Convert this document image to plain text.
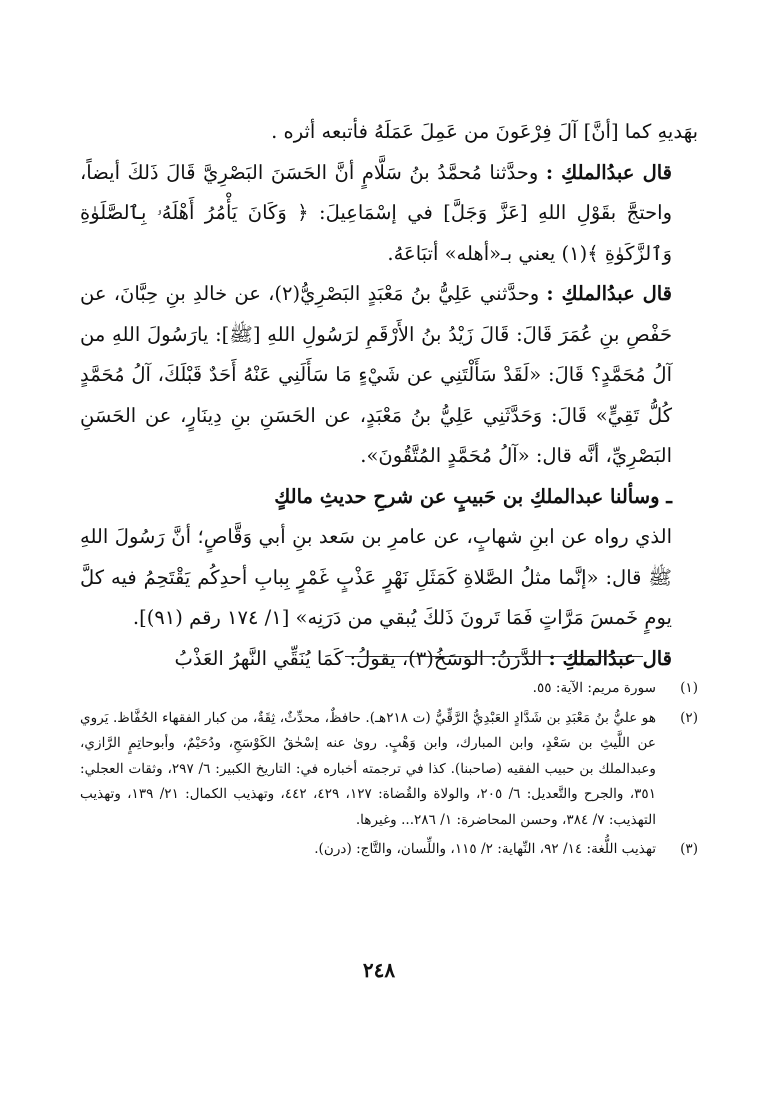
بهَديهِ كما [أنَّ] آلَ فِرْعَونَ من عَمِلَ عَمَلَهُ فأتبعه أثره .

قال عبدُالملكِ : وحدَّثنا مُحمَّدُ بنُ سَلَّامٍ أنَّ الحَسَنَ البَصْرِيَّ قَالَ ذَلكَ أيضاً، واحتجَّ بقَوْلِ اللهِ [عَزَّ وَجَلَّ] في إسْمَاعِيلَ: ﴿ وَكَانَ يَأْمُرُ أَهْلَهُۥ بِٱلصَّلَوٰةِ وَٱلزَّكَوٰةِ ﴾(١) يعني بـ«أهله» أتبَاعَهُ.

قال عبدُالملكِ : وحدَّثني عَلِيُّ بنُ مَعْبَدٍ البَصْرِيُّ(٢)، عن خالدِ بنِ حِبَّانَ، عن حَفْصِ بنِ عُمَرَ قَالَ: قَالَ زَيْدُ بنُ الأَرْقَمِ لرَسُولِ اللهِ [ﷺ]: يارَسُولَ اللهِ من آلُ مُحَمَّدٍ؟ قَالَ: «لَقَدْ سَأَلْتَنِي عن شَيْءٍ مَا سَأَلَنِي عَنْهُ أَحَدٌ قَبْلَكَ، آلُ مُحَمَّدٍ كُلُّ تَقِيٍّ» قَالَ: وَحَدَّثَنِي عَلِيُّ بنُ مَعْبَدٍ، عن الحَسَنِ بنِ دِينَارٍ، عن الحَسَنِ البَصْرِيِّ، أنَّه قال: «آلُ مُحَمَّدٍ المُتَّقُونَ».

ـ وسألنا عبدالملكِ بن حَبيبٍ عن شرحِ حديثِ مالكٍ

الذي رواه عن ابنِ شهابٍ، عن عامرِ بن سَعد بنِ أبي وَقَّاصٍ؛ أنَّ رَسُولَ اللهِ ﷺ قال: «إنَّما مثلُ الصَّلاةِ كَمَثَلِ نَهْرٍ عَذْبٍ غَمْرٍ بِبابِ أحدِكُم يَقْتَحِمُ فيه كلَّ يومٍ خَمسَ مَرَّاتٍ فَمَا تَرونَ ذَلكَ يُبقي من دَرَنِه» [١/ ١٧٤ رقم (٩١)].

قال عبدُالملكِ : الدَّرَنُ: الوَسَخُ(٣)، يقولُ: كَمَا يُنَقِّي النَّهرُ العَذْبُ

(١)
سورة مريم: الآية: ٥٥.
(٢)
هو عليُّ بنُ مَعْبَدِ بن شَدَّادٍ العَبْدِيُّ الرَّقِّيُّ (ت ٢١٨هـ). حافظٌ، محدِّثٌ، ثِقَةٌ، من كبار الفقهاء الحُفَّاظ. يَروي عن اللَّيثِ بن سَعْدٍ، وابن المبارك، وابن وَهْبٍ. روىٰ عنه إسْحٰقُ الكَوْسَجِ، ودُحَيْمٌ، وأبوحاتِمٍ الرَّازي، وعبدالملك بن حبيب الفقيه (صاحبنا). كذا في ترجمته أخباره في: التاريخ الكبير: ٦/ ٢٩٧، وثقات العجلي: ٣٥١، والجرح والتَّعديل: ٦/ ٢٠٥، والولاة والقُضاة: ١٢٧، ٤٢٩، ٤٤٢، وتهذيب الكمال: ٢١/ ١٣٩، وتهذيب التهذيب: ٧/ ٣٨٤، وحسن المحاضرة: ١/ ٢٨٦... وغيرها.
(٣)
تهذيب اللُّغة: ١٤/ ٩٢، النِّهاية: ٢/ ١١٥، واللِّسان، والتَّاج: (درن).
٢٤٨
